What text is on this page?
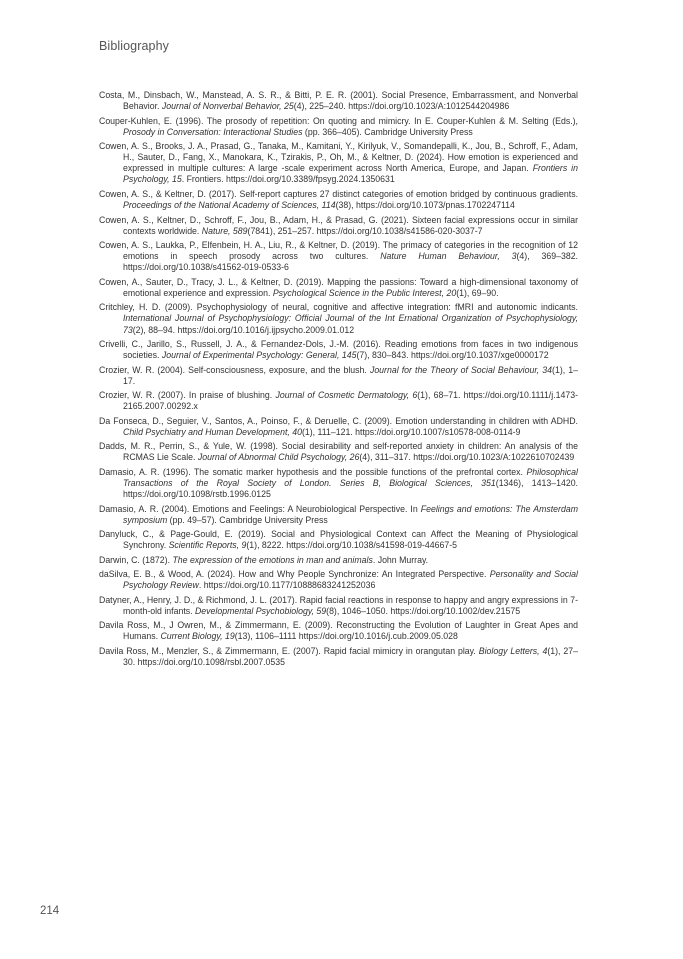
Bibliography

Costa, M., Dinsbach, W., Manstead, A. S. R., & Bitti, P. E. R. (2001). Social Presence, Embarrassment, and Nonverbal Behavior. Journal of Nonverbal Behavior, 25(4), 225–240. https://doi.org/10.1023/A:1012544204986

Couper-Kuhlen, E. (1996). The prosody of repetition: On quoting and mimicry. In E. Couper-Kuhlen & M. Selting (Eds.), Prosody in Conversation: Interactional Studies (pp. 366–405). Cambridge University Press

Cowen, A. S., Brooks, J. A., Prasad, G., Tanaka, M., Kamitani, Y., Kirilyuk, V., Somandepalli, K., Jou, B., Schroff, F., Adam, H., Sauter, D., Fang, X., Manokara, K., Tzirakis, P., Oh, M., & Keltner, D. (2024). How emotion is experienced and expressed in multiple cultures: A large -scale experiment across North America, Europe, and Japan. Frontiers in Psychology, 15. Frontiers. https://doi.org/10.3389/fpsyg.2024.1350631

Cowen, A. S., & Keltner, D. (2017). Self-report captures 27 distinct categories of emotion bridged by continuous gradients. Proceedings of the National Academy of Sciences, 114(38), https://doi.org/10.1073/pnas.1702247114

Cowen, A. S., Keltner, D., Schroff, F., Jou, B., Adam, H., & Prasad, G. (2021). Sixteen facial expressions occur in similar contexts worldwide. Nature, 589(7841), 251–257. https://doi.org/10.1038/s41586-020-3037-7

Cowen, A. S., Laukka, P., Elfenbein, H. A., Liu, R., & Keltner, D. (2019). The primacy of categories in the recognition of 12 emotions in speech prosody across two cultures. Nature Human Behaviour, 3(4), 369–382. https://doi.org/10.1038/s41562-019-0533-6

Cowen, A., Sauter, D., Tracy, J. L., & Keltner, D. (2019). Mapping the passions: Toward a high-dimensional taxonomy of emotional experience and expression. Psychological Science in the Public Interest, 20(1), 69–90.

Critchley, H. D. (2009). Psychophysiology of neural, cognitive and affective integration: fMRI and autonomic indicants. International Journal of Psychophysiology: Official Journal of the Int Ernational Organization of Psychophysiology, 73(2), 88–94. https://doi.org/10.1016/j.ijpsycho.2009.01.012

Crivelli, C., Jarillo, S., Russell, J. A., & Fernandez-Dols, J.-M. (2016). Reading emotions from faces in two indigenous societies. Journal of Experimental Psychology: General, 145(7), 830–843. https://doi.org/10.1037/xge0000172

Crozier, W. R. (2004). Self-consciousness, exposure, and the blush. Journal for the Theory of Social Behaviour, 34(1), 1–17.

Crozier, W. R. (2007). In praise of blushing. Journal of Cosmetic Dermatology, 6(1), 68–71. https://doi.org/10.1111/j.1473-2165.2007.00292.x

Da Fonseca, D., Seguier, V., Santos, A., Poinso, F., & Deruelle, C. (2009). Emotion understanding in children with ADHD. Child Psychiatry and Human Development, 40(1), 111–121. https://doi.org/10.1007/s10578-008-0114-9

Dadds, M. R., Perrin, S., & Yule, W. (1998). Social desirability and self-reported anxiety in children: An analysis of the RCMAS Lie Scale. Journal of Abnormal Child Psychology, 26(4), 311–317. https://doi.org/10.1023/A:1022610702439

Damasio, A. R. (1996). The somatic marker hypothesis and the possible functions of the prefrontal cortex. Philosophical Transactions of the Royal Society of London. Series B, Biological Sciences, 351(1346), 1413–1420. https://doi.org/10.1098/rstb.1996.0125

Damasio, A. R. (2004). Emotions and Feelings: A Neurobiological Perspective. In Feelings and emotions: The Amsterdam symposium (pp. 49–57). Cambridge University Press

Danyluck, C., & Page-Gould, E. (2019). Social and Physiological Context can Affect the Meaning of Physiological Synchrony. Scientific Reports, 9(1), 8222. https://doi.org/10.1038/s41598-019-44667-5

Darwin, C. (1872). The expression of the emotions in man and animals. John Murray.

daSilva, E. B., & Wood, A. (2024). How and Why People Synchronize: An Integrated Perspective. Personality and Social Psychology Review. https://doi.org/10.1177/10888683241252036

Datyner, A., Henry, J. D., & Richmond, J. L. (2017). Rapid facial reactions in response to happy and angry expressions in 7-month-old infants. Developmental Psychobiology, 59(8), 1046–1050. https://doi.org/10.1002/dev.21575

Davila Ross, M., J Owren, M., & Zimmermann, E. (2009). Reconstructing the Evolution of Laughter in Great Apes and Humans. Current Biology, 19(13), 1106–1111 https://doi.org/10.1016/j.cub.2009.05.028

Davila Ross, M., Menzler, S., & Zimmermann, E. (2007). Rapid facial mimicry in orangutan play. Biology Letters, 4(1), 27–30. https://doi.org/10.1098/rsbl.2007.0535

214
